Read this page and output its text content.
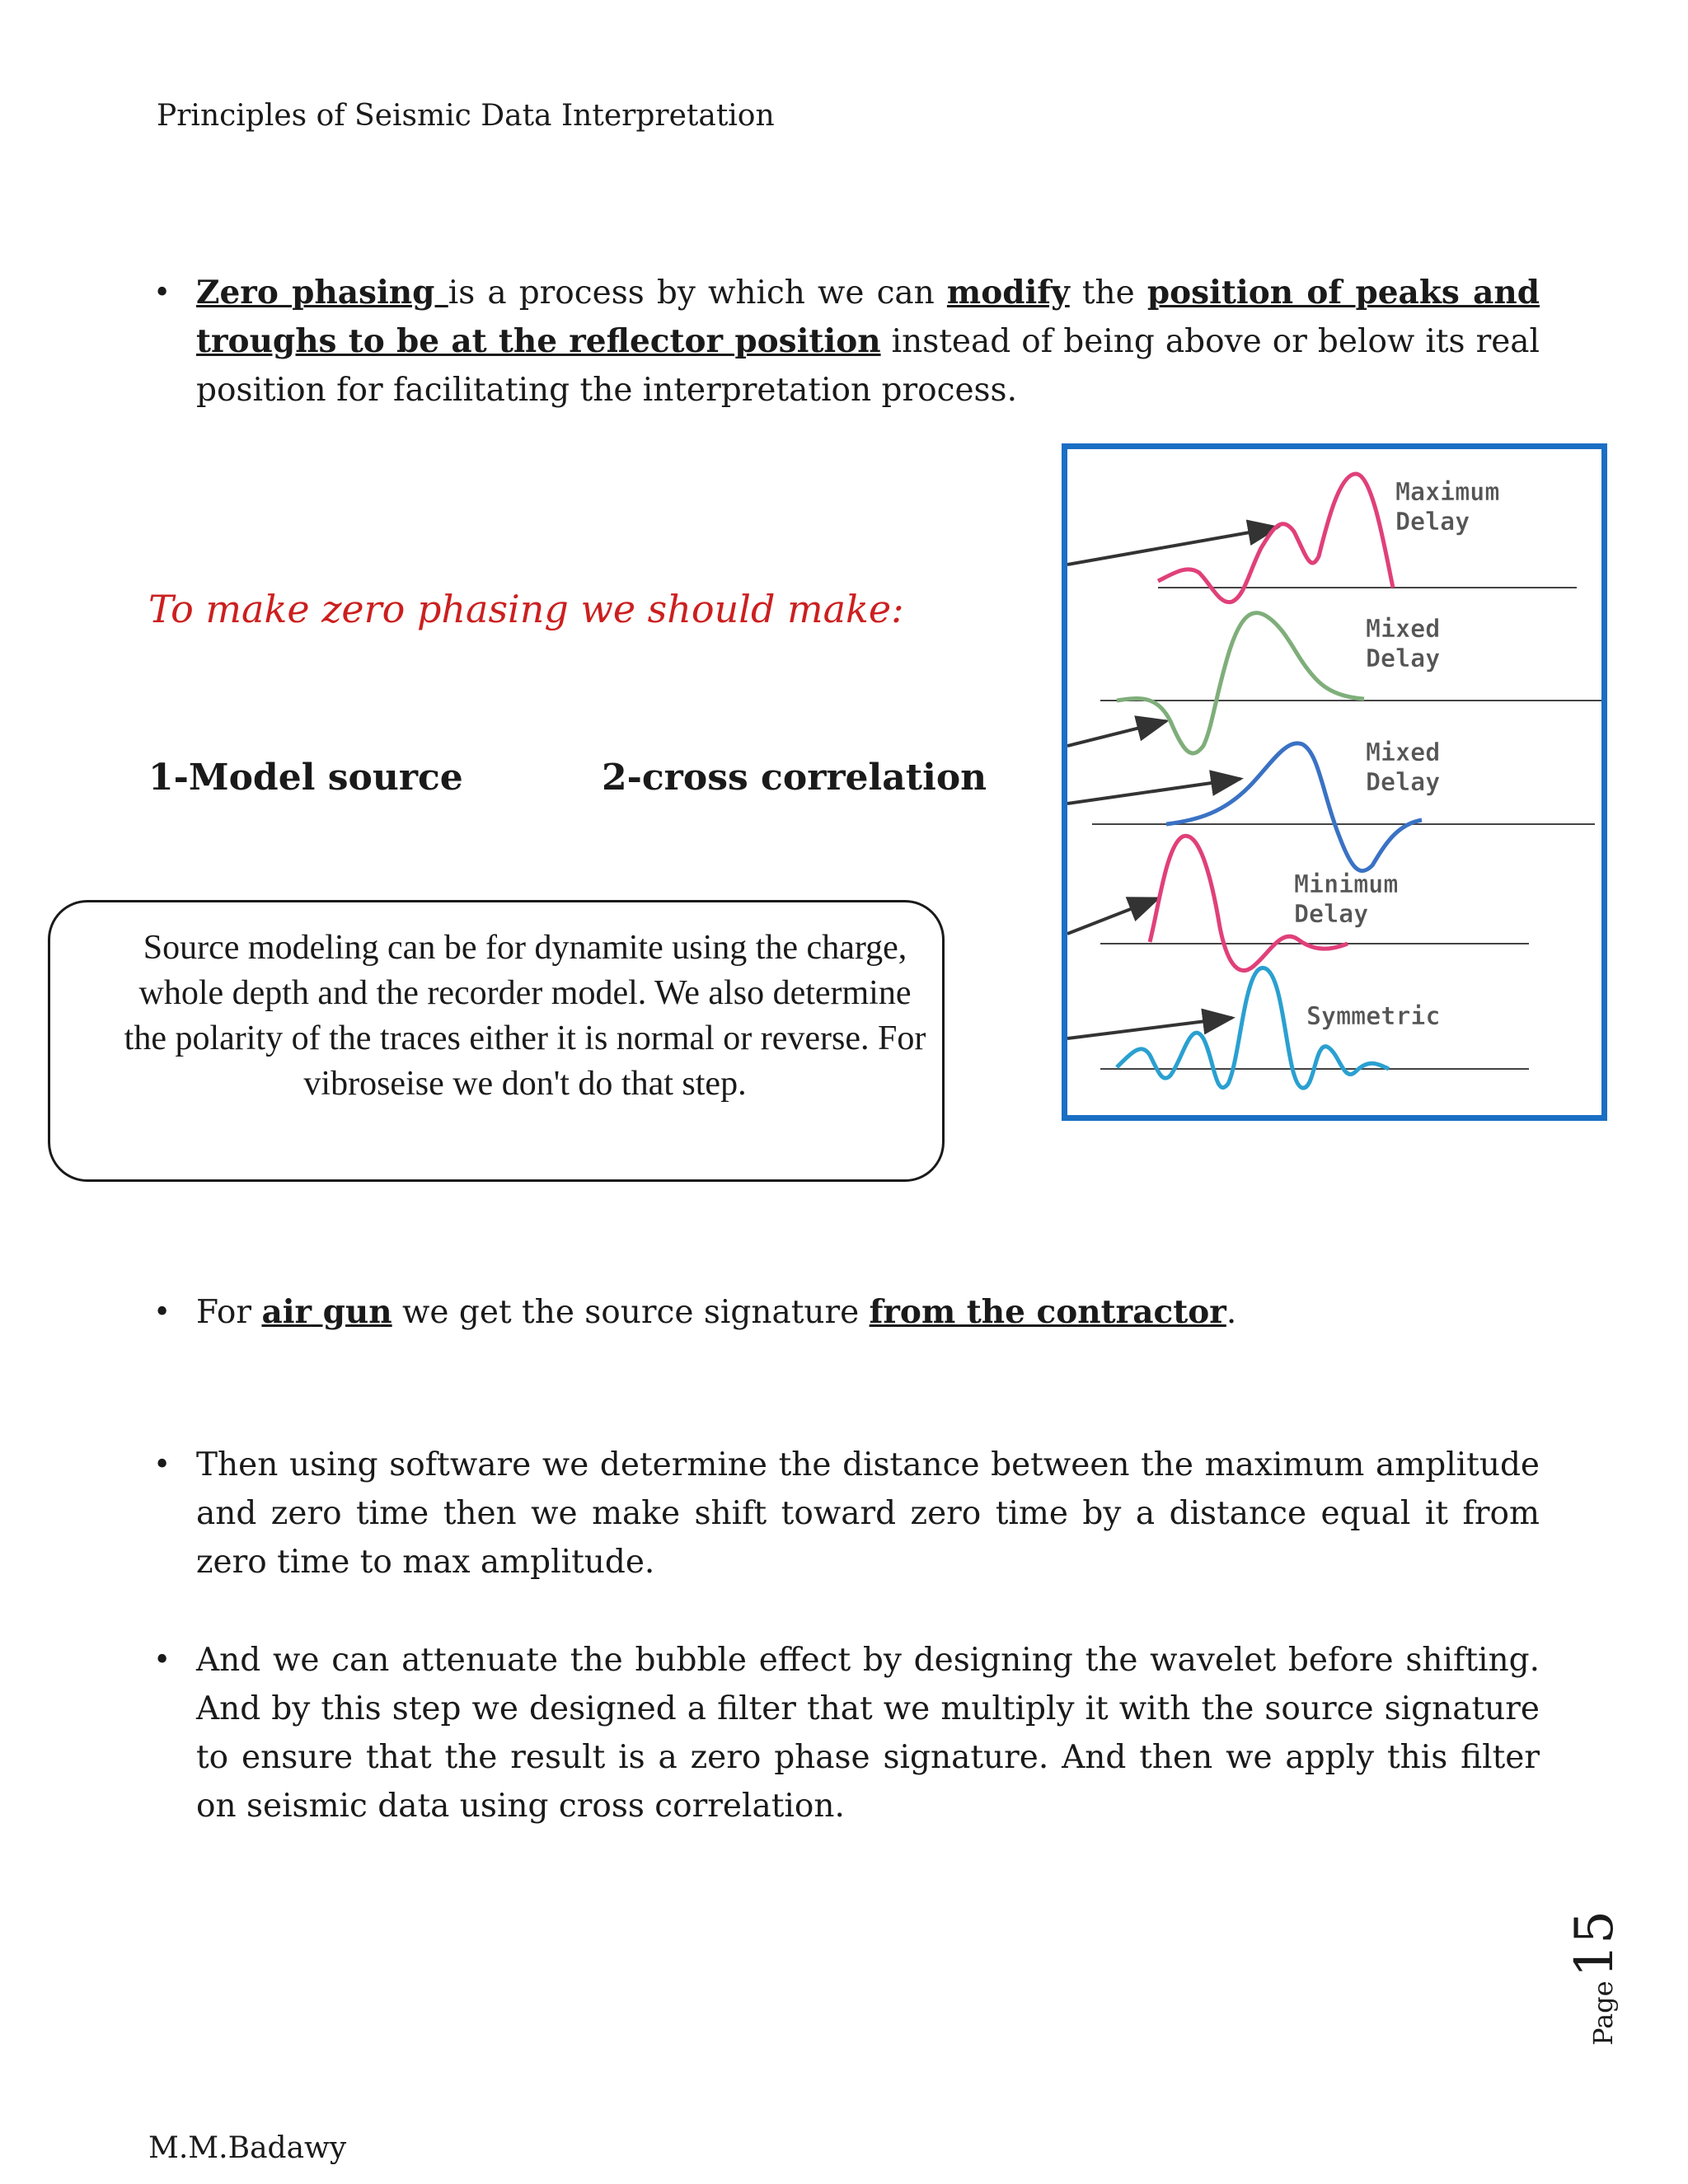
Principles of Seismic Data Interpretation
• Zero phasing is a process by which we can modify the position of peaks and troughs to be at the reflector position instead of being above or below its real position for facilitating the interpretation process.
To make zero phasing we should make:
1-Model source	2-cross correlation
Source modeling can be for dynamite using the charge, whole depth and the recorder model. We also determine the polarity of the traces either it is normal or reverse. For vibroseise we don't do that step.
Maximum
Delay
Mixed
Delay
Mixed
Delay
Minimum
Delay
Symmetric
• For air gun we get the source signature from the contractor.
• Then using software we determine the distance between the maximum amplitude and zero time then we make shift toward zero time by a distance equal it from zero time to max amplitude.
• And we can attenuate the bubble effect by designing the wavelet before shifting. And by this step we designed a filter that we multiply it with the source signature to ensure that the result is a zero phase signature. And then we apply this filter on seismic data using cross correlation.
Page
15
M.M.Badawy
